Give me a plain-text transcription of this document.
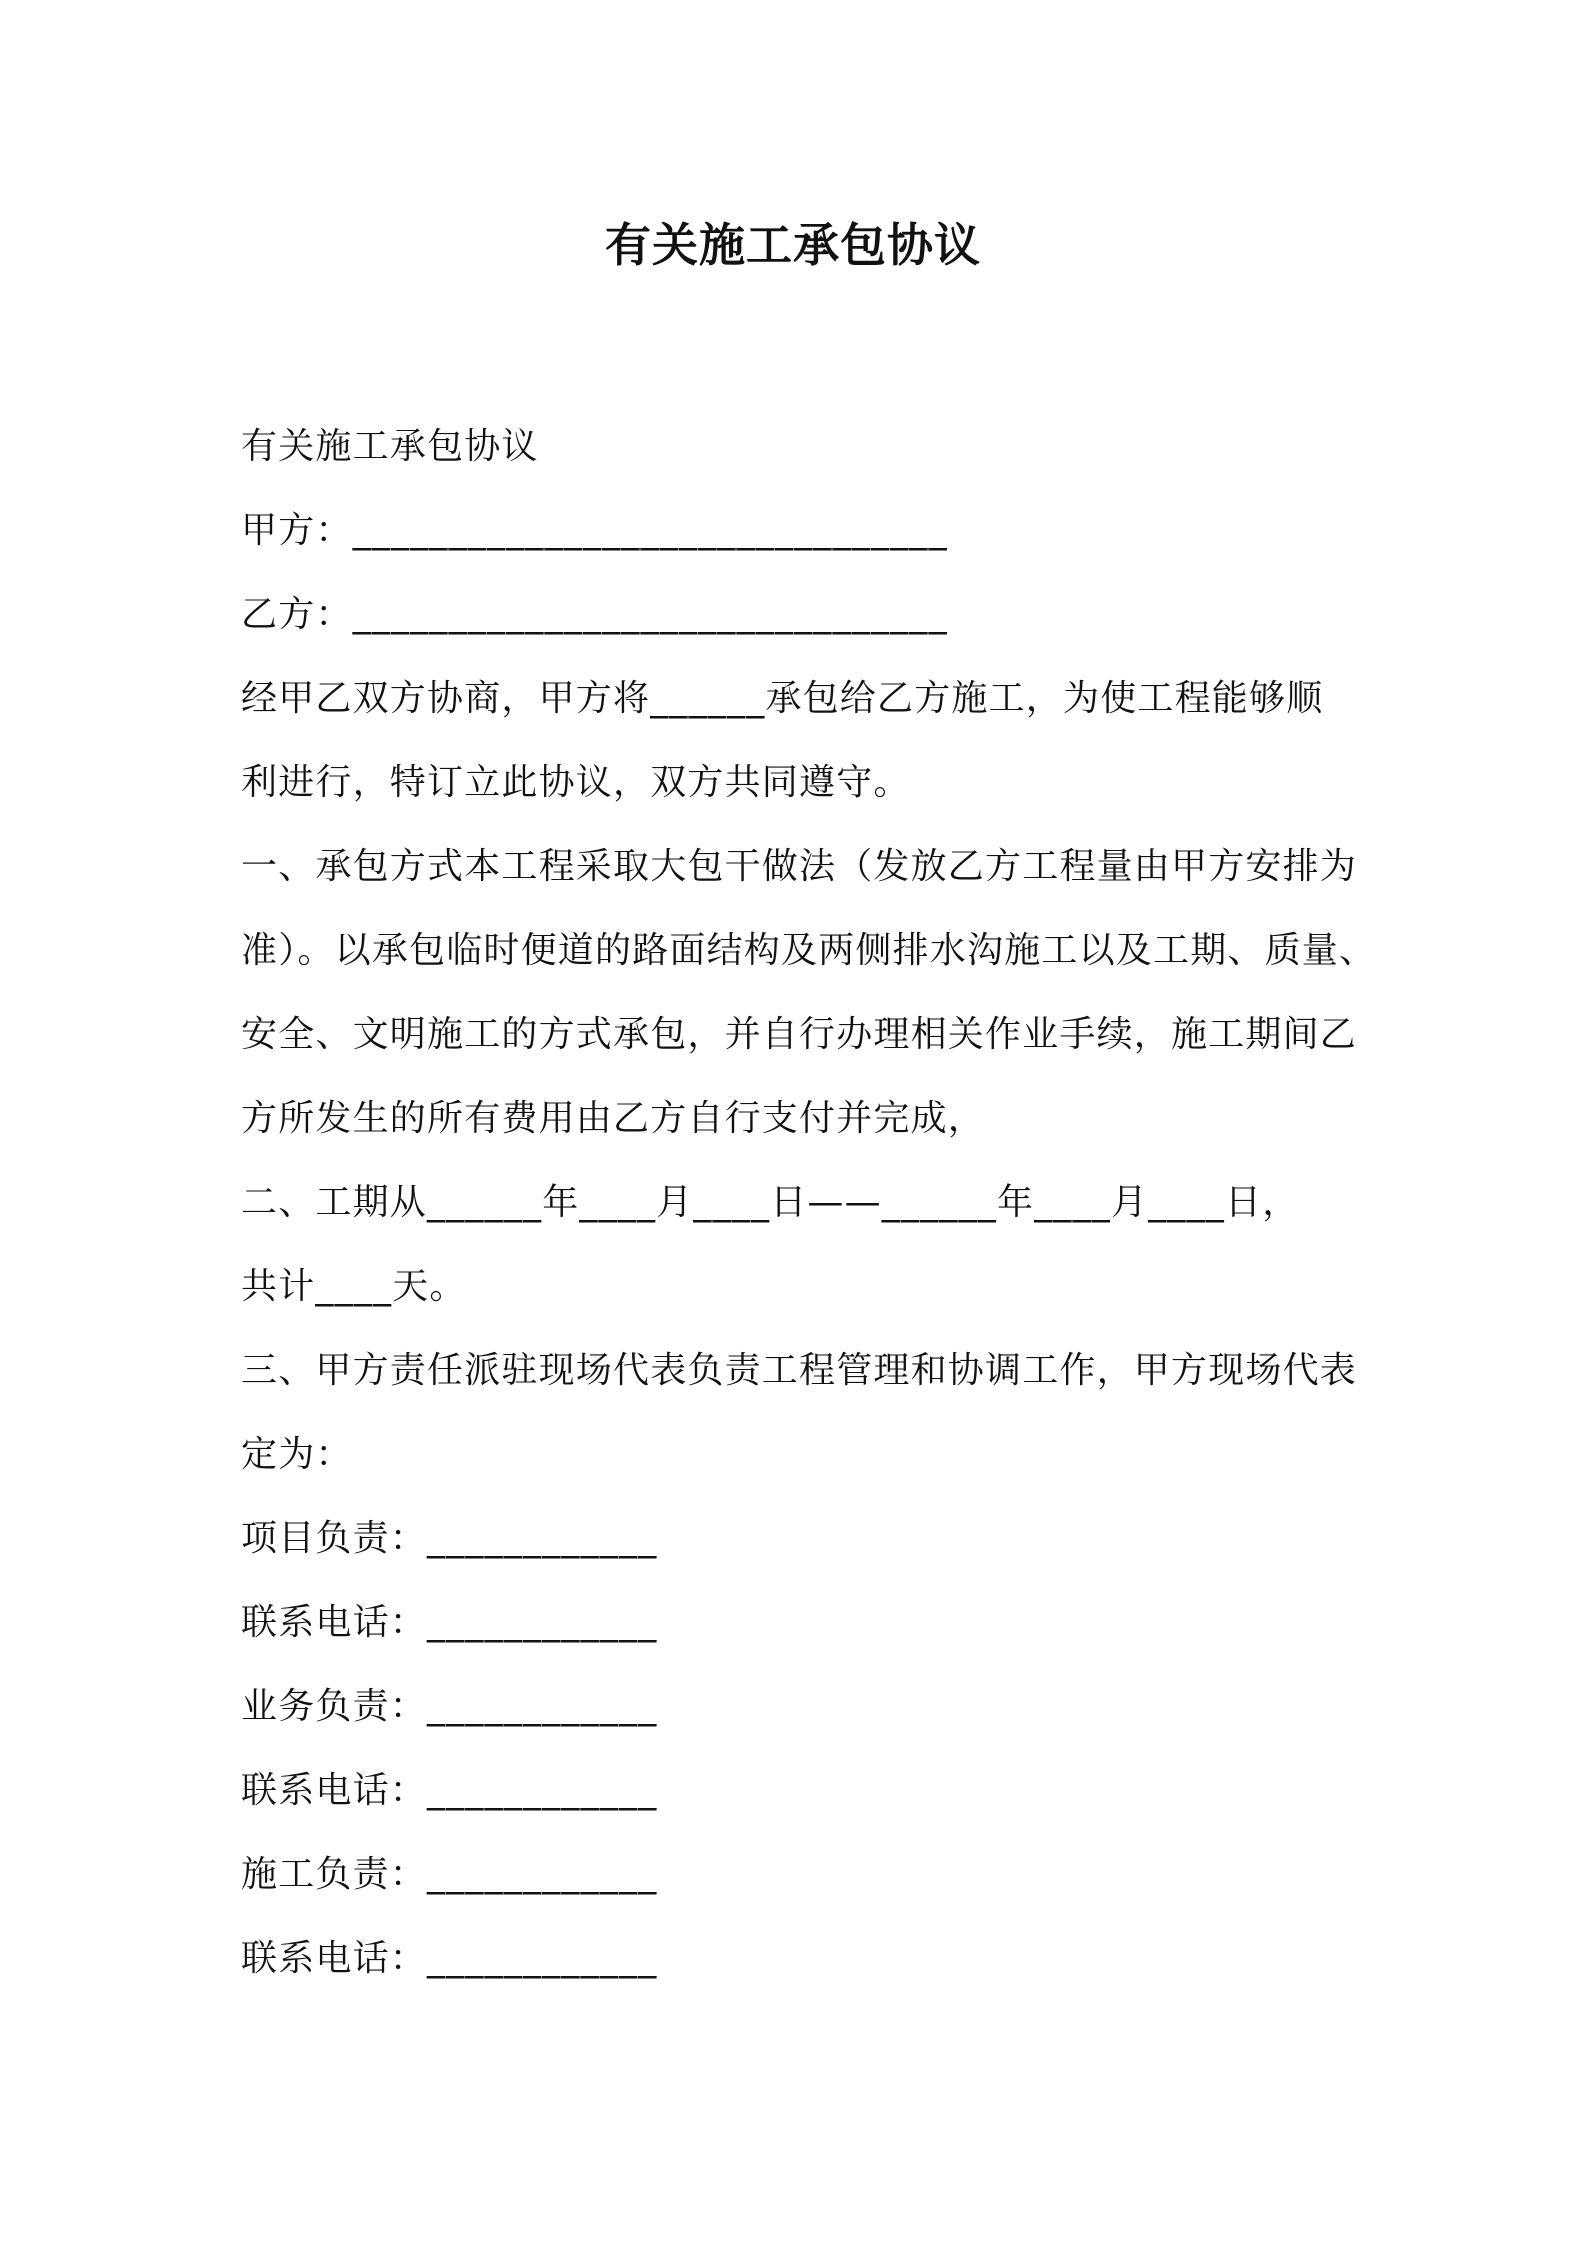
有关施工承包协议
有关施工承包协议
甲方：_______________________________
乙方：_______________________________
经甲乙双方协商，甲方将______承包给乙方施工，为使工程能够顺
利进行，特订立此协议，双方共同遵守。
一、承包方式本工程采取大包干做法（发放乙方工程量由甲方安排为
准）。以承包临时便道的路面结构及两侧排水沟施工以及工期、质量、
安全、文明施工的方式承包，并自行办理相关作业手续，施工期间乙
方所发生的所有费用由乙方自行支付并完成，
二、工期从______年____月____日——______年____月____日，
共计____天。
三、甲方责任派驻现场代表负责工程管理和协调工作，甲方现场代表
定为：
项目负责：____________
联系电话：____________
业务负责：____________
联系电话：____________
施工负责：____________
联系电话：____________
